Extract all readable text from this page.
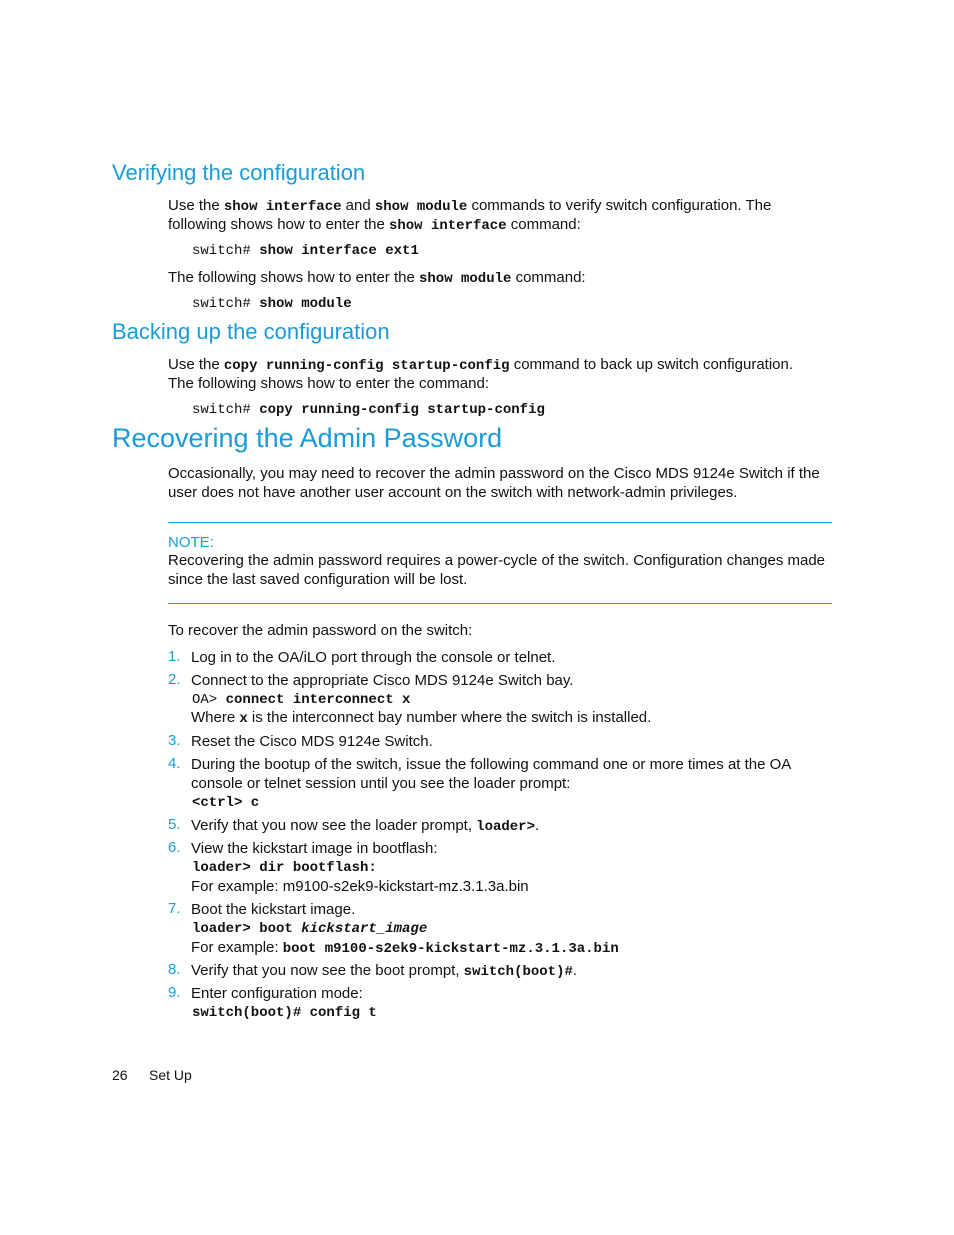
Verifying the configuration
Use the show interface and show module commands to verify switch configuration. The
following shows how to enter the show interface command:
switch# show interface ext1
The following shows how to enter the show module command:
switch# show module
Backing up the configuration
Use the copy running-config startup-config command to back up switch configuration.
The following shows how to enter the command:
switch# copy running-config startup-config
Recovering the Admin Password
Occasionally, you may need to recover the admin password on the Cisco MDS 9124e Switch if the
user does not have another user account on the switch with network-admin privileges.
NOTE:
Recovering the admin password requires a power-cycle of the switch. Configuration changes made
since the last saved configuration will be lost.
To recover the admin password on the switch:
1. Log in to the OA/iLO port through the console or telnet.
2. Connect to the appropriate Cisco MDS 9124e Switch bay.
OA> connect interconnect x
Where x is the interconnect bay number where the switch is installed.
3. Reset the Cisco MDS 9124e Switch.
4. During the bootup of the switch, issue the following command one or more times at the OA
console or telnet session until you see the loader prompt:
<ctrl> c
5. Verify that you now see the loader prompt, loader>.
6. View the kickstart image in bootflash:
loader> dir bootflash:
For example: m9100-s2ek9-kickstart-mz.3.1.3a.bin
7. Boot the kickstart image.
loader> boot kickstart_image
For example: boot m9100-s2ek9-kickstart-mz.3.1.3a.bin
8. Verify that you now see the boot prompt, switch(boot)#.
9. Enter configuration mode:
switch(boot)# config t
26 Set Up
